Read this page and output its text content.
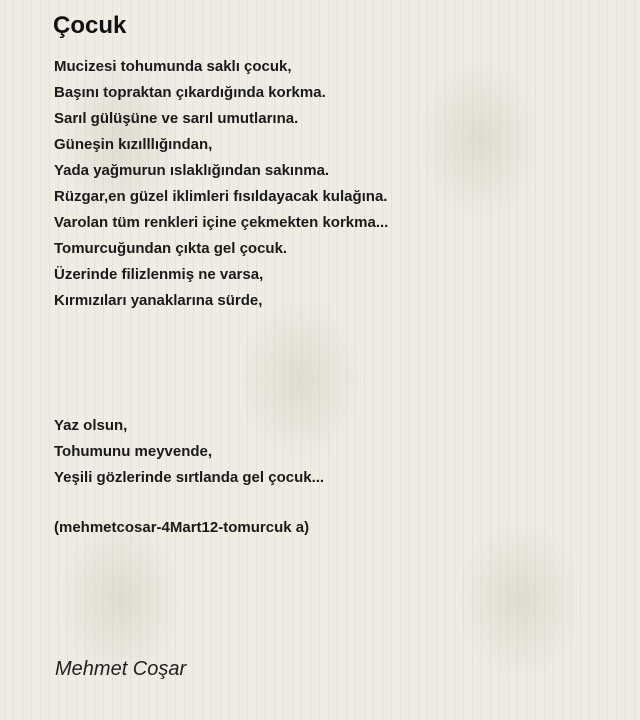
Çocuk
Mucizesi tohumunda saklı çocuk,
Başını topraktan çıkardığında korkma.
Sarıl gülüşüne ve sarıl umutlarına.
Güneşin kızılllığından,
Yada yağmurun ıslaklığından sakınma.
Rüzgar,en güzel iklimleri fısıldayacak kulağına.
Varolan tüm renkleri içine çekmekten korkma...
Tomurcuğundan çıkta gel çocuk.
Üzerinde filizlenmiş ne varsa,
Kırmızıları yanaklarına sürde,
Yaz olsun,
Tohumunu meyvende,
Yeşili gözlerinde sırtlanda gel çocuk...

(mehmetcosar-4Mart12-tomurcuk a)

Mehmet Coşar
